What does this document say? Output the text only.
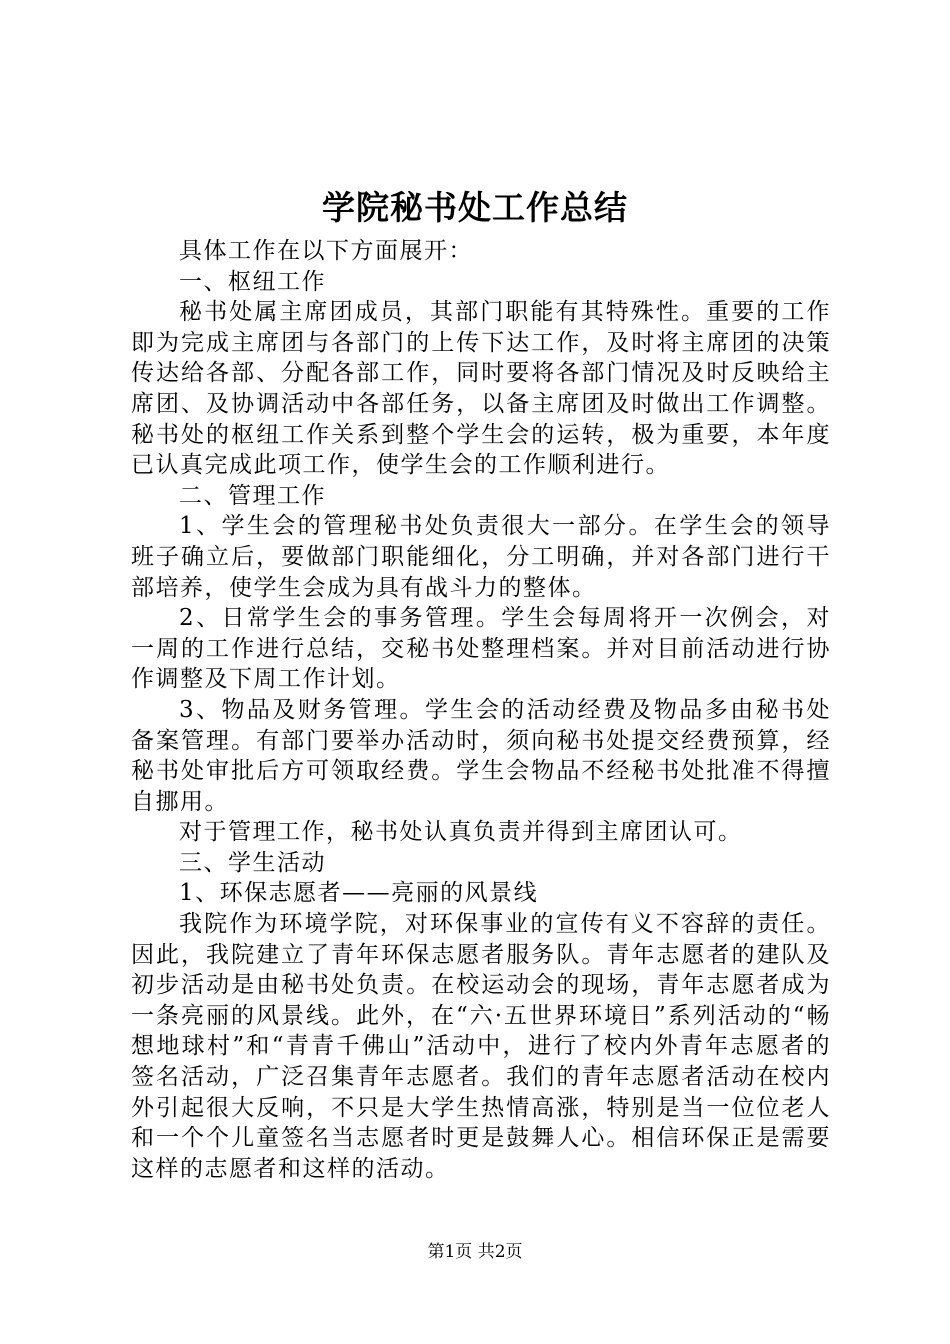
学院秘书处工作总结

具体工作在以下方面展开：

一、枢纽工作

秘书处属主席团成员，其部门职能有其特殊性。重要的工作即为完成主席团与各部门的上传下达工作，及时将主席团的决策传达给各部、分配各部工作，同时要将各部门情况及时反映给主席团、及协调活动中各部任务，以备主席团及时做出工作调整。秘书处的枢纽工作关系到整个学生会的运转，极为重要，本年度已认真完成此项工作，使学生会的工作顺利进行。

二、管理工作

1、学生会的管理秘书处负责很大一部分。在学生会的领导班子确立后，要做部门职能细化，分工明确，并对各部门进行干部培养，使学生会成为具有战斗力的整体。

2、日常学生会的事务管理。学生会每周将开一次例会，对一周的工作进行总结，交秘书处整理档案。并对目前活动进行协作调整及下周工作计划。

3、物品及财务管理。学生会的活动经费及物品多由秘书处备案管理。有部门要举办活动时，须向秘书处提交经费预算，经秘书处审批后方可领取经费。学生会物品不经秘书处批准不得擅自挪用。

对于管理工作，秘书处认真负责并得到主席团认可。

三、学生活动

1、环保志愿者——亮丽的风景线

我院作为环境学院，对环保事业的宣传有义不容辞的责任。因此，我院建立了青年环保志愿者服务队。青年志愿者的建队及初步活动是由秘书处负责。在校运动会的现场，青年志愿者成为一条亮丽的风景线。此外，在“六·五世界环境日”系列活动的“畅想地球村”和“青青千佛山”活动中，进行了校内外青年志愿者的签名活动，广泛召集青年志愿者。我们的青年志愿者活动在校内外引起很大反响，不只是大学生热情高涨，特别是当一位位老人和一个个儿童签名当志愿者时更是鼓舞人心。相信环保正是需要这样的志愿者和这样的活动。

第1页 共2页
